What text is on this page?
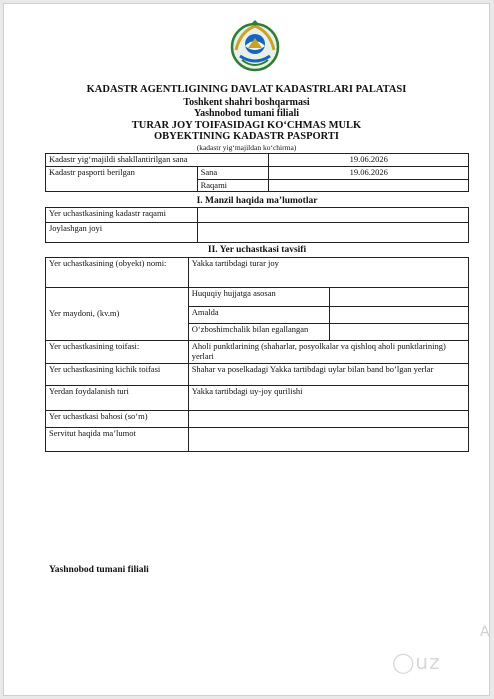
KADASTR AGENTLIGINING DAVLAT KADASTRLARI PALATASI
Toshkent shahri boshqarmasi
Yashnobod tumani filiali
TURAR JOY TOIFASIDAGI KO‘CHMAS MULK
OBYEKTINING KADASTR PASPORTI
(kadastr yig‘majildan ko‘chirma)
Kadastr yig‘majildi shakllantirilgan sana		19.06.2026
Kadastr pasporti berilgan	Sana	19.06.2026
	Raqami	
I. Manzil haqida ma’lumotlar
Yer uchastkasining kadastr raqami	
Joylashgan joyi	
II. Yer uchastkasi tavsifi
Yer uchastkasining (obyekt) nomi:	Yakka tartibdagi turar joy	
Yer maydoni, (kv.m)	Huquqiy hujjatga asosan	
	Amalda	
	O‘zboshimchalik bilan egallangan	
Yer uchastkasining toifasi:	Aholi punktlarining (shaharlar, posyolkalar va qishloq aholi punktlarining) yerlari	
Yer uchastkasining kichik toifasi	Shahar va poselkadagi Yakka tartibdagi uylar bilan band bo’lgan yerlar	
Yerdan foydalanish turi	Yakka tartibdagi uy-joy qurilishi	
Yer uchastkasi bahosi (so‘m)		
Servitut haqida ma’lumot		
Yashnobod tumani filiali
A
◯uz
